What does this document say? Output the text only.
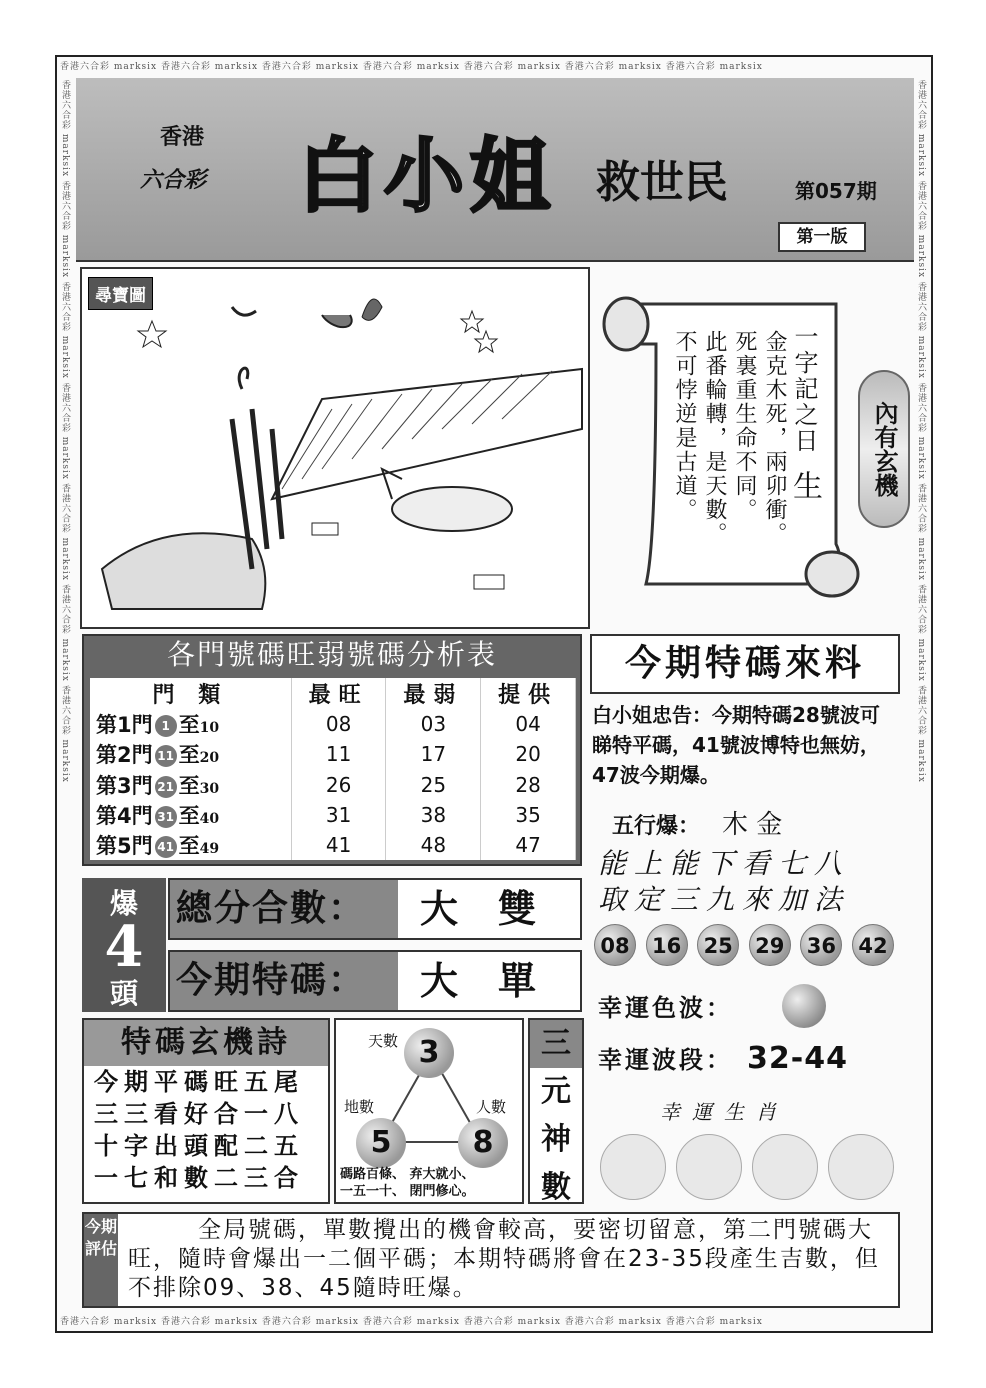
香港六合彩 marksix 香港六合彩 marksix 香港六合彩 marksix 香港六合彩 marksix 香港六合彩 marksix 香港六合彩 marksix 香港六合彩 marksix
香港六合彩 marksix 香港六合彩 marksix 香港六合彩 marksix 香港六合彩 marksix 香港六合彩 marksix 香港六合彩 marksix 香港六合彩 marksix
香港六合彩 marksix 香港六合彩 marksix 香港六合彩 marksix 香港六合彩 marksix 香港六合彩 marksix 香港六合彩 marksix 香港六合彩 marksix	香港六合彩 marksix 香港六合彩 marksix 香港六合彩 marksix 香港六合彩 marksix 香港六合彩 marksix 香港六合彩 marksix 香港六合彩 marksix
香港
六合彩 白小姐 救世民	第057期
第一版
尋寶圖
一字記之日
生
金克木死，兩卯衝。
死裏重生命不同。
此番輪轉，是天數。
不可悖逆是古道。	內有玄機
各門號碼旺弱號碼分析表
門 類	最旺	最弱	提供
第1門 1 至10	08	03	04
第2門 11 至20	11	17	20
第3門 21 至30	26	25	28
第4門 31 至40	31	38	35
第5門 41 至49	41	48	47
今期特碼來料
白小姐忠告：今期特碼28號波可睇特平碼，41號波博特也無妨，47波今期爆。
五行爆： 木 金
能上能下看七八
取定三九來加法
08	16	25	29	36	42
幸運色波：
幸運波段： 32-44
幸運生肖
爆
4
頭
總分合數：	大雙
今期特碼：	大單
特碼玄機詩
今期平碼旺五尾
三三看好合一八
十字出頭配二五
一七和數二三合
天數 3
地數
5
人數
8
碼路百條、 弃大就小、
一五一十、 閉門修心。
三
元
神
數
今期評估
全局號碼，單數攪出的機會較高，要密切留意，第二門號碼大旺，隨時會爆出一二個平碼；本期特碼將會在23-35段產生吉數，但不排除09、38、45隨時旺爆。
